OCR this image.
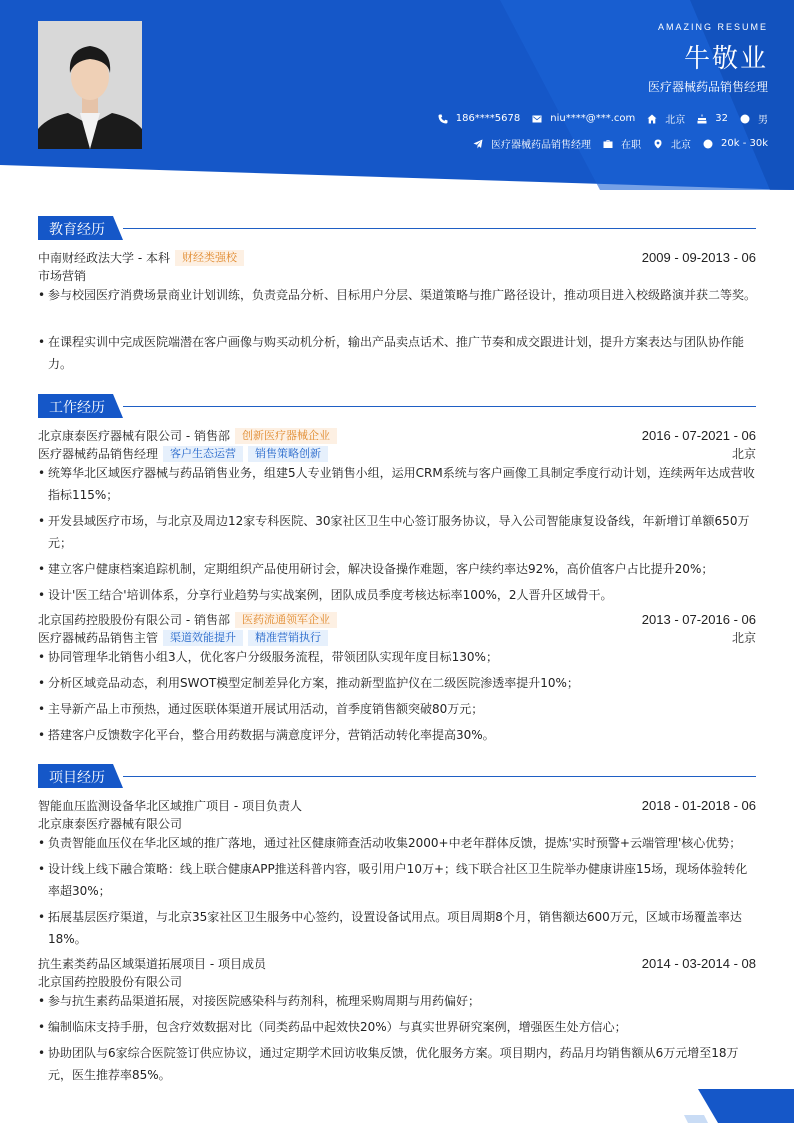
AMAZING RESUME
牛敬业
医疗器械药品销售经理
186****5678	niu****@***.com	北京	32	男
医疗器械药品销售经理	在职	北京	20k - 30k
教育经历
中南财经政法大学 - 本科	财经类强校	2009 - 09-2013 - 06
市场营销
• 参与校园医疗消费场景商业计划训练，负责竞品分析、目标用户分层、渠道策略与推广路径设计，推动项目进入校级路演并获二等奖。
• 在课程实训中完成医院端潜在客户画像与购买动机分析，输出产品卖点话术、推广节奏和成交跟进计划，提升方案表达与团队协作能力。
工作经历
北京康泰医疗器械有限公司 - 销售部	创新医疗器械企业	2016 - 07-2021 - 06
医疗器械药品销售经理	客户生态运营	销售策略创新	北京
• 统筹华北区域医疗器械与药品销售业务，组建5人专业销售小组，运用CRM系统与客户画像工具制定季度行动计划，连续两年达成营收指标115%；
• 开发县域医疗市场，与北京及周边12家专科医院、30家社区卫生中心签订服务协议，导入公司智能康复设备线，年新增订单额650万元；
• 建立客户健康档案追踪机制，定期组织产品使用研讨会，解决设备操作难题，客户续约率达92%，高价值客户占比提升20%；
• 设计'医工结合'培训体系，分享行业趋势与实战案例，团队成员季度考核达标率100%，2人晋升区域骨干。
北京国药控股股份有限公司 - 销售部	医药流通领军企业	2013 - 07-2016 - 06
医疗器械药品销售主管	渠道效能提升	精准营销执行	北京
• 协同管理华北销售小组3人，优化客户分级服务流程，带领团队实现年度目标130%；
• 分析区域竞品动态，利用SWOT模型定制差异化方案，推动新型监护仪在二级医院渗透率提升10%；
• 主导新产品上市预热，通过医联体渠道开展试用活动，首季度销售额突破80万元；
• 搭建客户反馈数字化平台，整合用药数据与满意度评分，营销活动转化率提高30%。
项目经历
智能血压监测设备华北区域推广项目 - 项目负责人	2018 - 01-2018 - 06
北京康泰医疗器械有限公司
• 负责智能血压仪在华北区域的推广落地，通过社区健康筛查活动收集2000+中老年群体反馈，提炼'实时预警+云端管理'核心优势；
• 设计线上线下融合策略：线上联合健康APP推送科普内容，吸引用户10万+；线下联合社区卫生院举办健康讲座15场，现场体验转化率超30%；
• 拓展基层医疗渠道，与北京35家社区卫生服务中心签约，设置设备试用点。项目周期8个月，销售额达600万元，区域市场覆盖率达18%。
抗生素类药品区域渠道拓展项目 - 项目成员	2014 - 03-2014 - 08
北京国药控股股份有限公司
• 参与抗生素药品渠道拓展，对接医院感染科与药剂科，梳理采购周期与用药偏好；
• 编制临床支持手册，包含疗效数据对比（同类药品中起效快20%）与真实世界研究案例，增强医生处方信心；
• 协助团队与6家综合医院签订供应协议，通过定期学术回访收集反馈，优化服务方案。项目期内，药品月均销售额从6万元增至18万元，医生推荐率85%。
